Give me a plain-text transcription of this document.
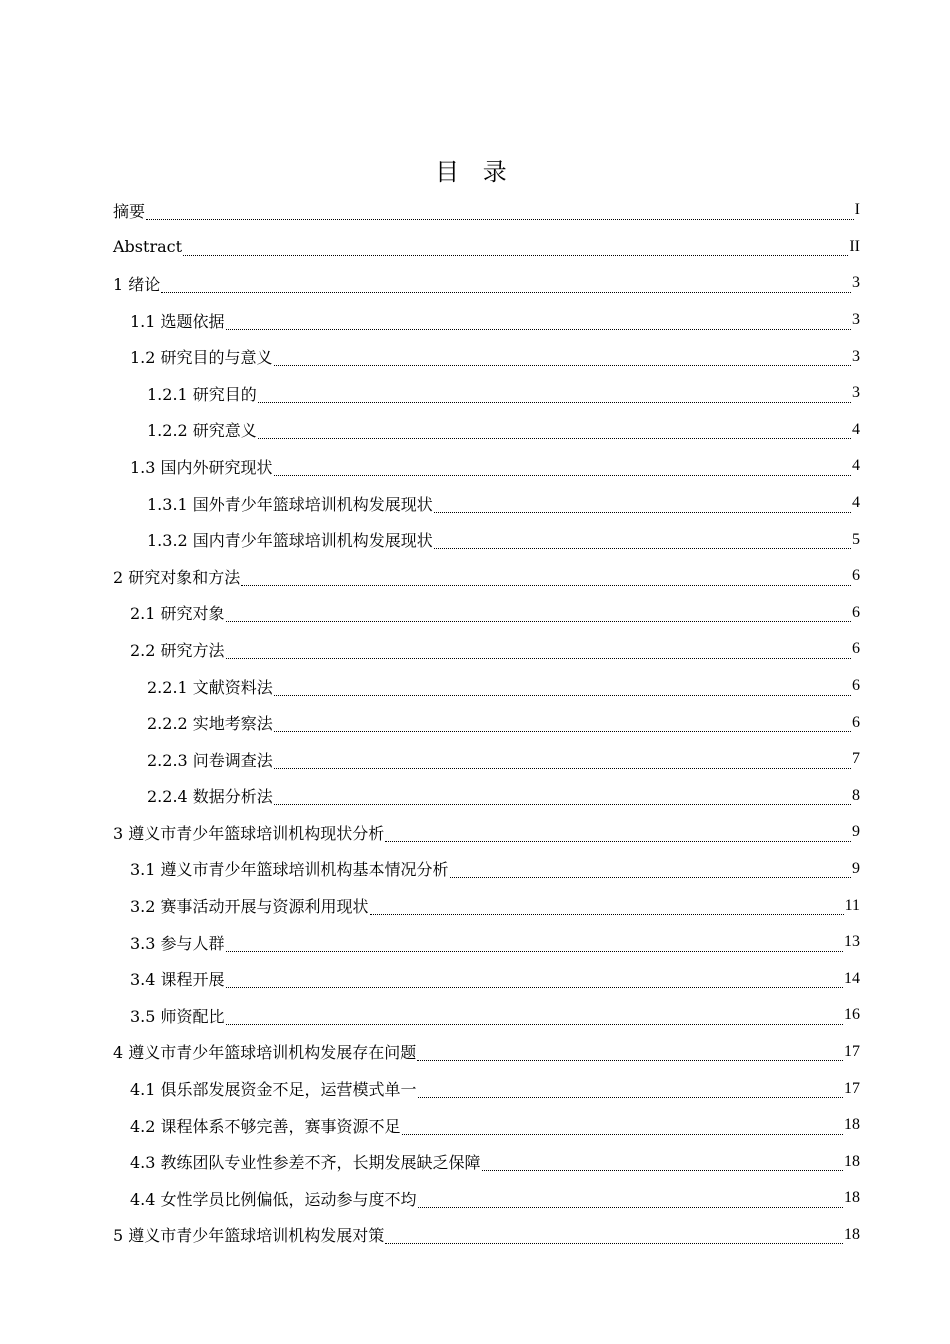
目 录
摘要	I
Abstract	II
1 绪论	3
1.1 选题依据	3
1.2 研究目的与意义	3
1.2.1 研究目的	3
1.2.2 研究意义	4
1.3 国内外研究现状	4
1.3.1 国外青少年篮球培训机构发展现状	4
1.3.2 国内青少年篮球培训机构发展现状	5
2 研究对象和方法	6
2.1 研究对象	6
2.2 研究方法	6
2.2.1 文献资料法	6
2.2.2 实地考察法	6
2.2.3 问卷调查法	7
2.2.4 数据分析法	8
3 遵义市青少年篮球培训机构现状分析	9
3.1 遵义市青少年篮球培训机构基本情况分析	9
3.2 赛事活动开展与资源利用现状	11
3.3 参与人群	13
3.4 课程开展	14
3.5 师资配比	16
4 遵义市青少年篮球培训机构发展存在问题	17
4.1 俱乐部发展资金不足，运营模式单一	17
4.2 课程体系不够完善，赛事资源不足	18
4.3 教练团队专业性参差不齐，长期发展缺乏保障	18
4.4 女性学员比例偏低，运动参与度不均	18
5 遵义市青少年篮球培训机构发展对策	18
